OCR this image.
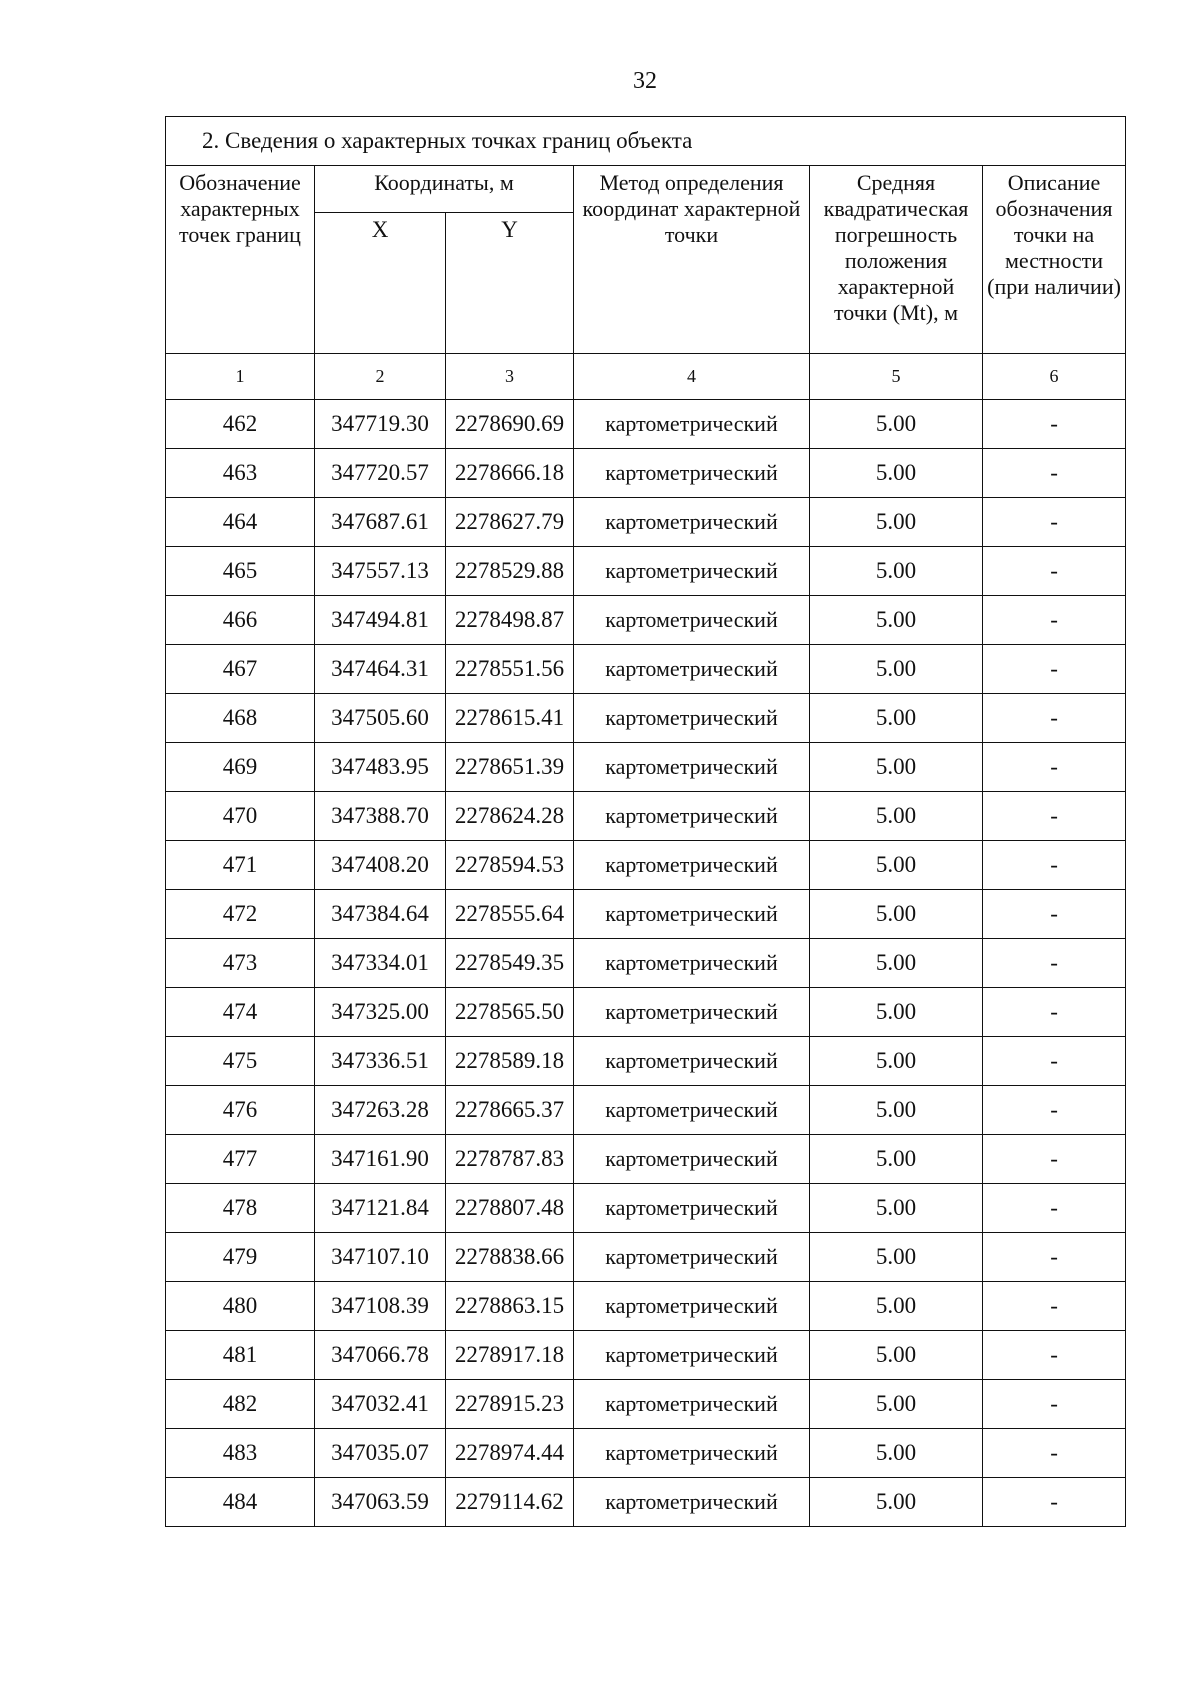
32
2. Сведения о характерных точках границ объекта					
Обозначение характерных точек границ	Координаты, м		Метод определения координат характерной точки	Средняя квадратическая погрешность положения характерной точки (Mt), м	Описание обозначения точки на местности (при наличии)
	X	Y			
1	2	3	4	5	6
462	347719.30	2278690.69	картометрический	5.00	-
463	347720.57	2278666.18	картометрический	5.00	-
464	347687.61	2278627.79	картометрический	5.00	-
465	347557.13	2278529.88	картометрический	5.00	-
466	347494.81	2278498.87	картометрический	5.00	-
467	347464.31	2278551.56	картометрический	5.00	-
468	347505.60	2278615.41	картометрический	5.00	-
469	347483.95	2278651.39	картометрический	5.00	-
470	347388.70	2278624.28	картометрический	5.00	-
471	347408.20	2278594.53	картометрический	5.00	-
472	347384.64	2278555.64	картометрический	5.00	-
473	347334.01	2278549.35	картометрический	5.00	-
474	347325.00	2278565.50	картометрический	5.00	-
475	347336.51	2278589.18	картометрический	5.00	-
476	347263.28	2278665.37	картометрический	5.00	-
477	347161.90	2278787.83	картометрический	5.00	-
478	347121.84	2278807.48	картометрический	5.00	-
479	347107.10	2278838.66	картометрический	5.00	-
480	347108.39	2278863.15	картометрический	5.00	-
481	347066.78	2278917.18	картометрический	5.00	-
482	347032.41	2278915.23	картометрический	5.00	-
483	347035.07	2278974.44	картометрический	5.00	-
484	347063.59	2279114.62	картометрический	5.00	-
